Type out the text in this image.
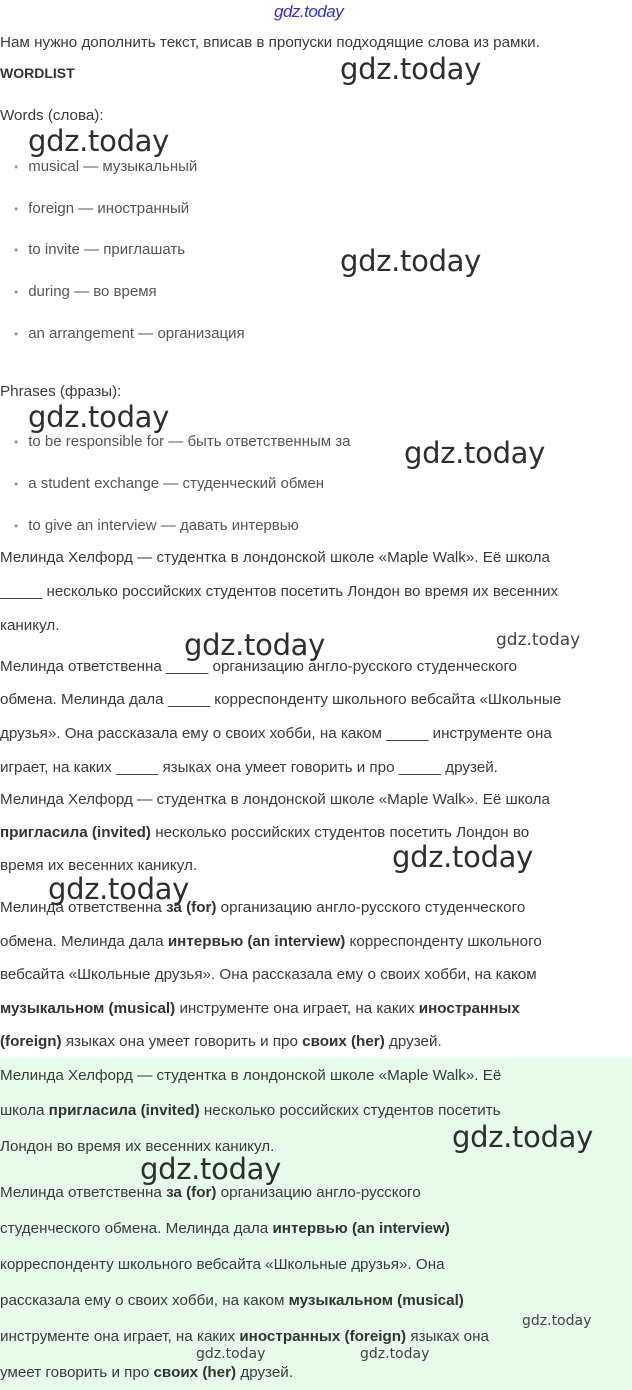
gdz.today
Нам нужно дополнить текст, вписав в пропуски подходящие слова из рамки.
WORDLIST
Words (слова):
• musical — музыкальный
• foreign — иностранный
• to invite — приглашать
• during — во время
• an arrangement — организация
Phrases (фразы):
• to be responsible for — быть ответственным за
• a student exchange — студенческий обмен
• to give an interview — давать интервью
Мелинда Хелфорд — студентка в лондонской школе «Maple Walk». Её школа
_____ несколько российских студентов посетить Лондон во время их весенних
каникул.
Мелинда ответственна _____ организацию англо-русского студенческого
обмена. Мелинда дала _____ корреспонденту школьного вебсайта «Школьные
друзья». Она рассказала ему о своих хобби, на каком _____ инструменте она
играет, на каких _____ языках она умеет говорить и про _____ друзей.
Мелинда Хелфорд — студентка в лондонской школе «Maple Walk». Её школа
пригласила (invited) несколько российских студентов посетить Лондон во
время их весенних каникул.
Мелинда ответственна за (for) организацию англо-русского студенческого
обмена. Мелинда дала интервью (an interview) корреспонденту школьного
вебсайта «Школьные друзья». Она рассказала ему о своих хобби, на каком
музыкальном (musical) инструменте она играет, на каких иностранных
(foreign) языках она умеет говорить и про своих (her) друзей.
Мелинда Хелфорд — студентка в лондонской школе «Maple Walk». Её
школа пригласила (invited) несколько российских студентов посетить
Лондон во время их весенних каникул.
Мелинда ответственна за (for) организацию англо-русского
студенческого обмена. Мелинда дала интервью (an interview)
корреспонденту школьного вебсайта «Школьные друзья». Она
рассказала ему о своих хобби, на каком музыкальном (musical)
инструменте она играет, на каких иностранных (foreign) языках она
умеет говорить и про своих (her) друзей.
gdz.today
gdz.today
gdz.today
gdz.today
gdz.today
gdz.today	gdz.today
gdz.today
gdz.today
gdz.today
gdz.today
gdz.today
gdz.today	gdz.today
